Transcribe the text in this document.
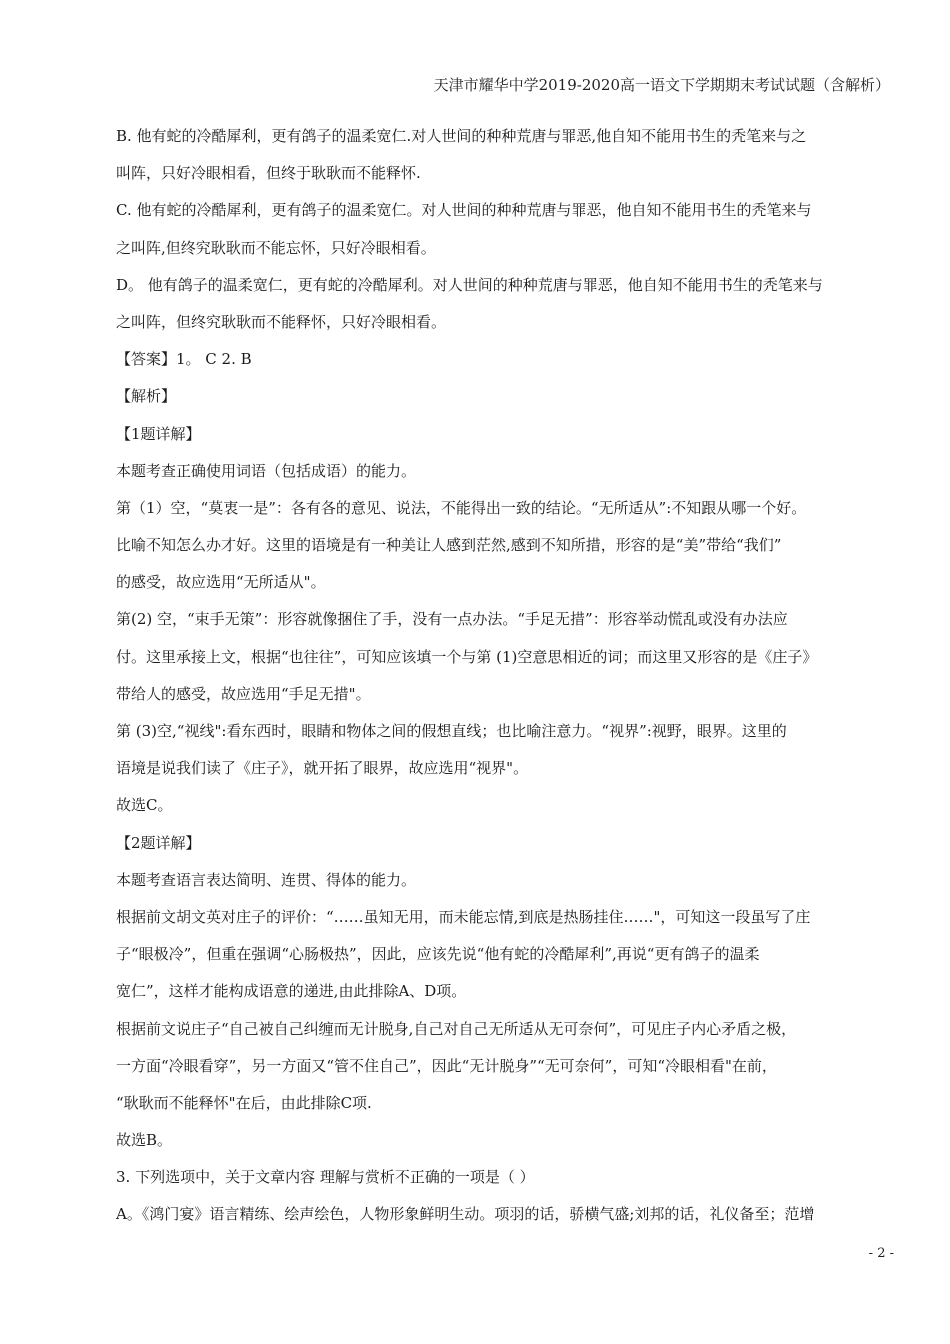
天津市耀华中学2019-2020高一语文下学期期末考试试题（含解析）
B. 他有蛇的冷酷犀利，更有鸽子的温柔宽仁.对人世间的种种荒唐与罪恶,他自知不能用书生的秃笔来与之
叫阵，只好冷眼相看，但终于耿耿而不能释怀.
C. 他有蛇的冷酷犀利，更有鸽子的温柔宽仁。对人世间的种种荒唐与罪恶，他自知不能用书生的秃笔来与
之叫阵,但终究耿耿而不能忘怀，只好冷眼相看。
D。 他有鸽子的温柔宽仁，更有蛇的冷酷犀利。对人世间的种种荒唐与罪恶，他自知不能用书生的秃笔来与
之叫阵，但终究耿耿而不能释怀，只好冷眼相看。
【答案】1。 C 2. B
【解析】
【1题详解】
本题考查正确使用词语（包括成语）的能力。
第（1）空，“莫衷一是”：各有各的意见、说法，不能得出一致的结论。“无所适从”:不知跟从哪一个好。
比喻不知怎么办才好。这里的语境是有一种美让人感到茫然,感到不知所措，形容的是“美”带给“我们”
的感受，故应选用“无所适从"。
第(2) 空，“束手无策”：形容就像捆住了手，没有一点办法。“手足无措”：形容举动慌乱或没有办法应
付。这里承接上文，根据“也往往”，可知应该填一个与第 (1)空意思相近的词；而这里又形容的是《庄子》
带给人的感受，故应选用“手足无措"。
第 (3)空,“视线":看东西时，眼睛和物体之间的假想直线；也比喻注意力。“视界”:视野，眼界。这里的
语境是说我们读了《庄子》，就开拓了眼界，故应选用“视界"。
故选C。
【2题详解】
本题考查语言表达简明、连贯、得体的能力。
根据前文胡文英对庄子的评价：“……虽知无用，而未能忘情,到底是热肠挂住……"，可知这一段虽写了庄
子“眼极冷”，但重在强调“心肠极热”，因此，应该先说“他有蛇的冷酷犀利”,再说“更有鸽子的温柔
宽仁”，这样才能构成语意的递进,由此排除A、D项。
根据前文说庄子“自己被自己纠缠而无计脱身,自己对自己无所适从无可奈何”，可见庄子内心矛盾之极，
一方面“冷眼看穿”，另一方面又“管不住自己”，因此“无计脱身”“无可奈何”，可知“冷眼相看"在前，
“耿耿而不能释怀"在后，由此排除C项.
故选B。
3. 下列选项中，关于文章内容 理解与赏析不正确的一项是（ ）
A。《鸿门宴》语言精练、绘声绘色，人物形象鲜明生动。项羽的话，骄横气盛;刘邦的话，礼仪备至；范增
- 2 -
